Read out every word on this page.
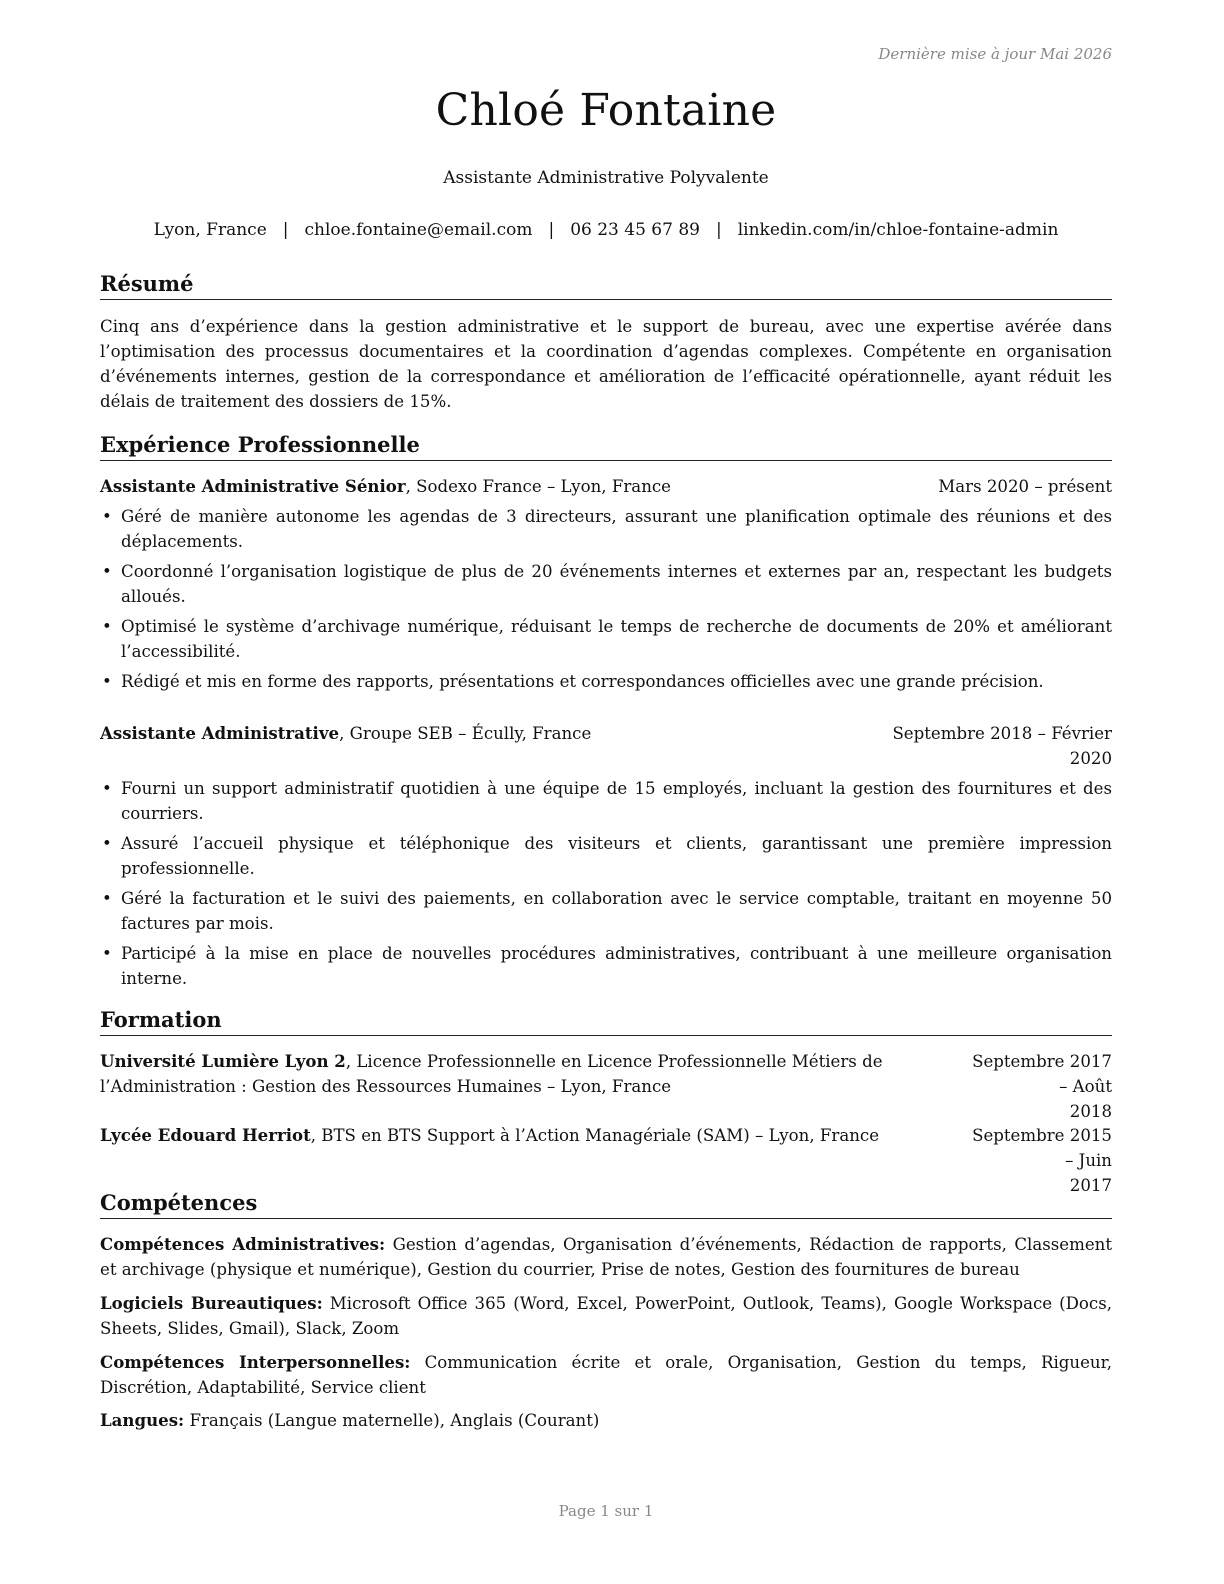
Dernière mise à jour Mai 2026
Chloé Fontaine
Assistante Administrative Polyvalente
Lyon, France | chloe.fontaine@email.com | 06 23 45 67 89 | linkedin.com/in/chloe-fontaine-admin
Résumé
Cinq ans d’expérience dans la gestion administrative et le support de bureau, avec une expertise avérée dans l’optimisation des processus documentaires et la coordination d’agendas complexes. Compétente en organisation d’événements internes, gestion de la correspondance et amélioration de l’efficacité opérationnelle, ayant réduit les délais de traitement des dossiers de 15%.
Expérience Professionnelle
Assistante Administrative Sénior, Sodexo France – Lyon, France	Mars 2020 – présent
• Géré de manière autonome les agendas de 3 directeurs, assurant une planification optimale des réunions et des déplacements.
• Coordonné l’organisation logistique de plus de 20 événements internes et externes par an, respectant les budgets alloués.
• Optimisé le système d’archivage numérique, réduisant le temps de recherche de documents de 20% et améliorant l’accessibilité.
• Rédigé et mis en forme des rapports, présentations et correspondances officielles avec une grande précision.
Assistante Administrative, Groupe SEB – Écully, France	Septembre 2018 – Février
2020
• Fourni un support administratif quotidien à une équipe de 15 employés, incluant la gestion des fournitures et des courriers.
• Assuré l’accueil physique et téléphonique des visiteurs et clients, garantissant une première impression professionnelle.
• Géré la facturation et le suivi des paiements, en collaboration avec le service comptable, traitant en moyenne 50 factures par mois.
• Participé à la mise en place de nouvelles procédures administratives, contribuant à une meilleure organisation interne.
Formation
Université Lumière Lyon 2, Licence Professionnelle en Licence Professionnelle Métiers de l’Administration : Gestion des Ressources Humaines – Lyon, France
Septembre 2017 – Août
2018
Lycée Edouard Herriot, BTS en BTS Support à l’Action Managériale (SAM) – Lyon, France	Septembre 2015 – Juin
2017
Compétences
Compétences Administratives: Gestion d’agendas, Organisation d’événements, Rédaction de rapports, Classement et archivage (physique et numérique), Gestion du courrier, Prise de notes, Gestion des fournitures de bureau
Logiciels Bureautiques: Microsoft Office 365 (Word, Excel, PowerPoint, Outlook, Teams), Google Workspace (Docs, Sheets, Slides, Gmail), Slack, Zoom
Compétences Interpersonnelles: Communication écrite et orale, Organisation, Gestion du temps, Rigueur, Discrétion, Adaptabilité, Service client
Langues: Français (Langue maternelle), Anglais (Courant)
Page 1 sur 1
